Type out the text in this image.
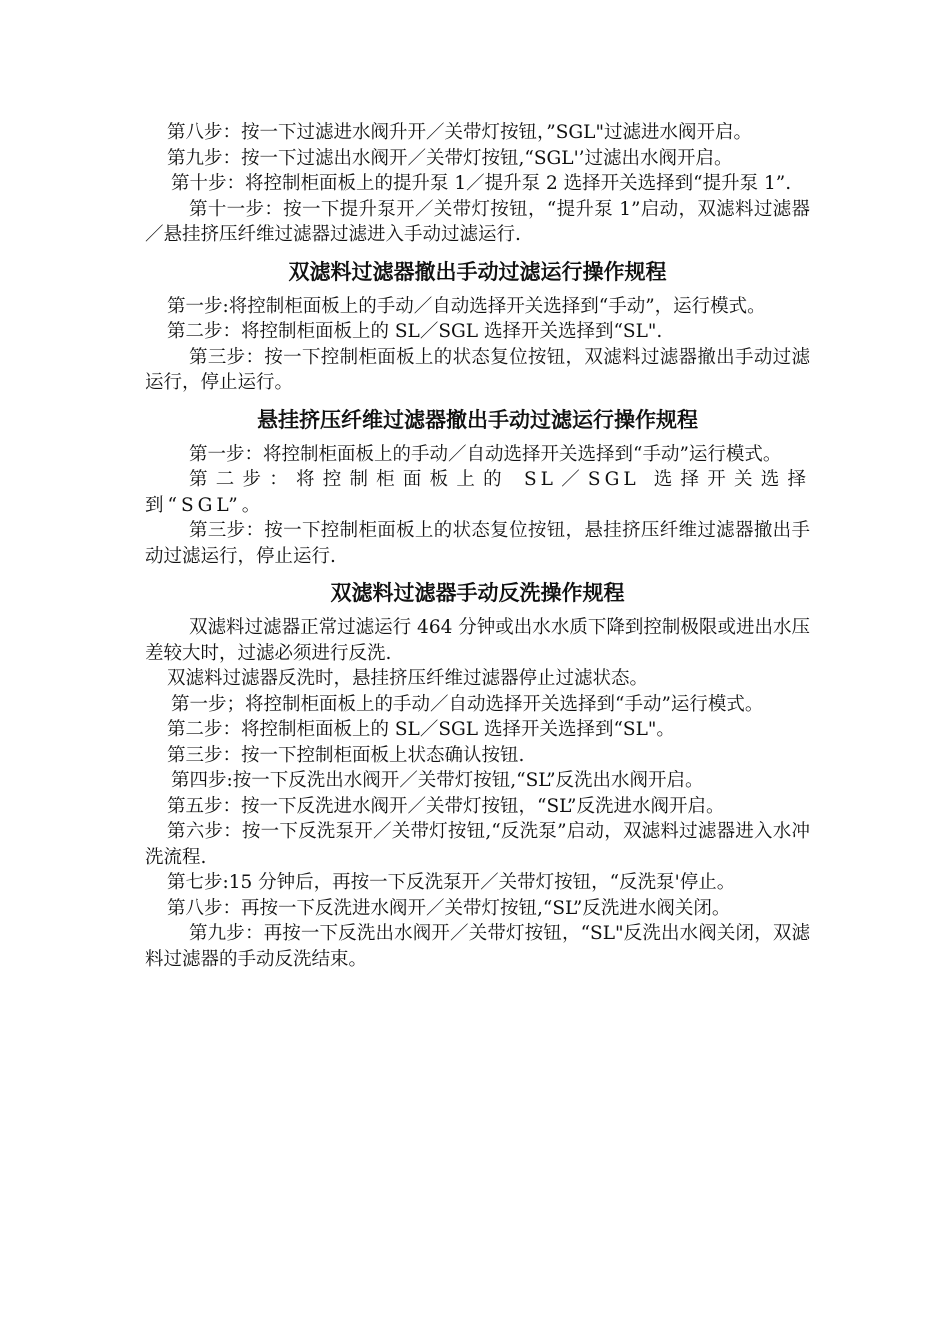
第八步：按一下过滤进水阀升开／关带灯按钮，”SGL"过滤进水阀开启。

第九步：按一下过滤出水阀开／关带灯按钮,“SGL'’过滤出水阀开启。

第十步：将控制柜面板上的提升泵 1／提升泵 2 选择开关选择到“提升泵 1”.

第十一步：按一下提升泵开／关带灯按钮，“提升泵 1”启动，双滤料过滤器／悬挂挤压纤维过滤器过滤进入手动过滤运行.

双滤料过滤器撤出手动过滤运行操作规程

第一步:将控制柜面板上的手动／自动选择开关选择到“手动”，运行模式。

第二步：将控制柜面板上的 SL／SGL 选择开关选择到“SL".

第三步：按一下控制柜面板上的状态复位按钮，双滤料过滤器撤出手动过滤运行，停止运行。

悬挂挤压纤维过滤器撤出手动过滤运行操作规程

第一步：将控制柜面板上的手动／自动选择开关选择到“手动”运行模式。

第二步：将控制柜面板上的 SL／SGL 选择开关选择到“SGL”。

第三步：按一下控制柜面板上的状态复位按钮，悬挂挤压纤维过滤器撤出手动过滤运行，停止运行.

双滤料过滤器手动反洗操作规程

双滤料过滤器正常过滤运行 464 分钟或出水水质下降到控制极限或进出水压差较大时，过滤必须进行反洗.

双滤料过滤器反洗时，悬挂挤压纤维过滤器停止过滤状态。

第一步；将控制柜面板上的手动／自动选择开关选择到“手动”运行模式。

第二步：将控制柜面板上的 SL／SGL 选择开关选择到“SL"。

第三步：按一下控制柜面板上状态确认按钮.

第四步:按一下反洗出水阀开／关带灯按钮,“SL”反洗出水阀开启。

第五步：按一下反洗进水阀开／关带灯按钮，“SL”反洗进水阀开启。

第六步：按一下反洗泵开／关带灯按钮,“反洗泵”启动，双滤料过滤器进入水冲洗流程.

第七步:15 分钟后，再按一下反洗泵开／关带灯按钮，“反洗泵'停止。

第八步：再按一下反洗进水阀开／关带灯按钮,“SL”反洗进水阀关闭。

第九步：再按一下反洗出水阀开／关带灯按钮，“SL"反洗出水阀关闭，双滤料过滤器的手动反洗结束。
